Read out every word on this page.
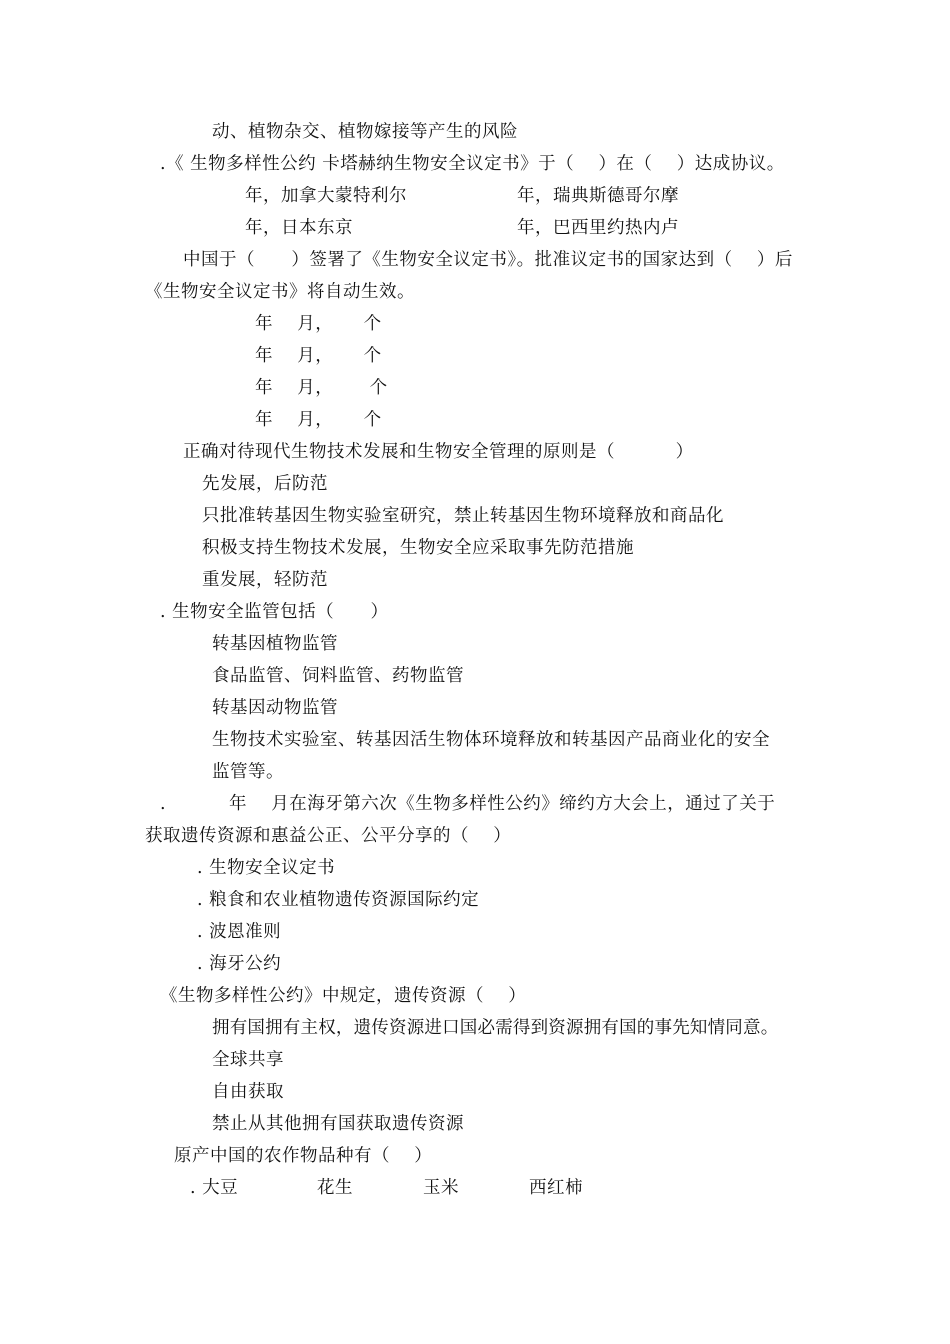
动、植物杂交、植物嫁接等产生的风险
.《 生物多样性公约 卡塔赫纳生物安全议定书》于（    ）在（    ）达成协议。
年，加拿大蒙特利尔	年，瑞典斯德哥尔摩
年，日本东京	年，巴西里约热内卢
中国于（      ）签署了《生物安全议定书》。批准议定书的国家达到（    ）后
《生物安全议定书》将自动生效。
年    月，     个
年    月，     个
年    月，      个
年    月，     个
正确对待现代生物技术发展和生物安全管理的原则是（          ）
先发展，后防范
只批准转基因生物实验室研究，禁止转基因生物环境释放和商品化
积极支持生物技术发展，生物安全应采取事先防范措施
重发展，轻防范
. 生物安全监管包括（      ）
转基因植物监管
食品监管、饲料监管、药物监管
转基因动物监管
生物技术实验室、转基因活生物体环境释放和转基因产品商业化的安全
监管等。
.	年    月在海牙第六次《生物多样性公约》缔约方大会上，通过了关于
获取遗传资源和惠益公正、公平分享的（    ）
. 生物安全议定书
. 粮食和农业植物遗传资源国际约定
. 波恩准则
. 海牙公约
《生物多样性公约》中规定，遗传资源（    ）
拥有国拥有主权，遗传资源进口国必需得到资源拥有国的事先知情同意。
全球共享
自由获取
禁止从其他拥有国获取遗传资源
原产中国的农作物品种有（    ）
. 大豆	花生	玉米	西红柿
